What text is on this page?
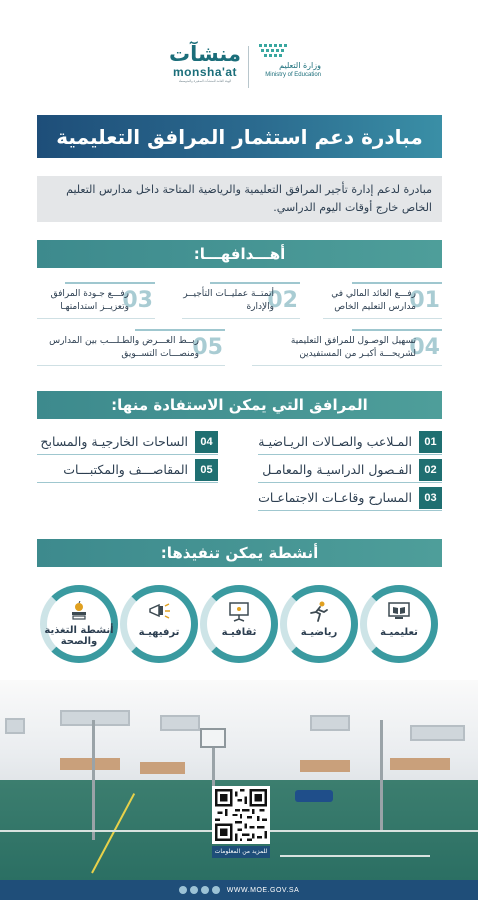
منشآت
monsha'at
الهيئة العامة للمنشآت الصغيرة والمتوسطة
وزارة التعليم
Ministry of Education
مبادرة دعم استثمار المرافق التعليمية
مبادرة لدعم إدارة تأجير المرافق التعليمية والرياضية المتاحة داخل مدارس التعليم الخاص خارج أوقات اليوم الدراسي.
أهـــدافهـــا:
01
رفـــع العائد المالي في مدارس التعليم الخاص
02
أتمتــة عمليــات التأجيــر والإدارة
03
رفـــع جـودة المرافق وتعزيــز استدامتهـا
04
تسهيل الوصـول للمرافق التعليمية لشريحـــة أكبـر من المستفيدين
05
ربــط العـــرض والطـلـــب بين المدارس ومنصـــات التســويق
المرافق التي يمكن الاستفادة منها:
01
المـلاعب والصـالات الريـاضيـة
02
الفـصول الدراسيـة والمعامـل
03
المسارح وقاعـات الاجتماعـات
04
الساحات الخارجيـة والمسابح
05
المقاصـــف والمكتبـــات
أنشطة يمكن تنفيذها:
تعليميـة
رياضيـة
ثقافيـة
ترفيهيـة
أنشطة التغذية والصحة
للمزيد من المعلومات
WWW.MOE.GOV.SA
